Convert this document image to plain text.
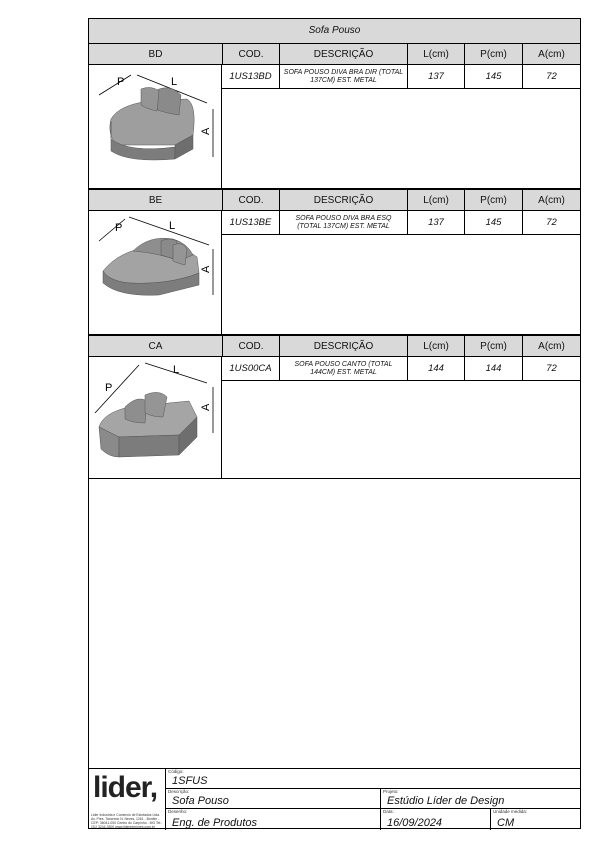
Sofa Pouso
BD	COD.	DESCRIÇÃO	L(cm)	P(cm)	A(cm)
1US13BD	SOFA POUSO DIVA BRA DIR (TOTAL 137CM) EST. METAL	137	145	72
P	L
A
BE	COD.	DESCRIÇÃO	L(cm)	P(cm)	A(cm)
1US13BE	SOFA POUSO DIVA BRA ESQ (TOTAL 137CM) EST. METAL	137	145	72
P	L
A
CA	COD.	DESCRIÇÃO	L(cm)	P(cm)	A(cm)
1US00CA	SOFA POUSO CANTO (TOTAL 144CM) EST. METAL	144	144	72
P
L
A
lider,
Lider Industria e Comercio de Estofados Ltda. Av. Pres. Tancredo N. Neves, 1261 - Bonfim - CEP: 36041-000 Centro do Carpinho - MG Tel.: (31) 3244-3300 www.liderinteriores.com.br
Código:
1SFUS
Descrição:
Sofa Pouso
Projeto:
Estúdio Líder de Design
Desenho:
Eng. de Produtos
Data:
16/09/2024
Unidade medida:
CM
